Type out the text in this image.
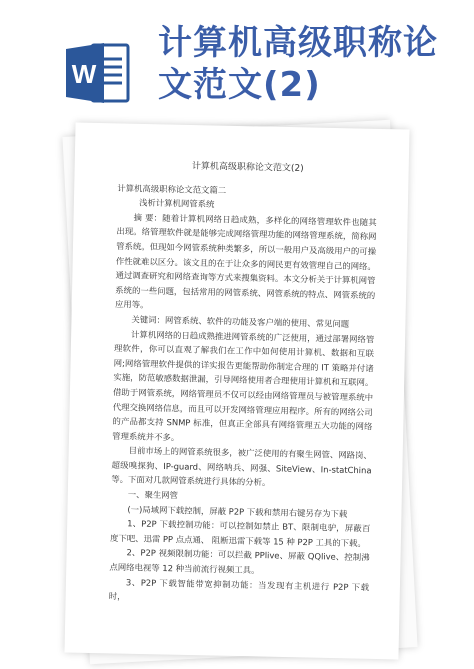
W
计算机高级职称论
文范文(2)
计算机高级职称论文范文(2)

计算机高级职称论文范文篇二

浅析计算机网管系统

摘 要：随着计算机网络日趋成熟，多样化的网络管理软件也随其出现。络管理软件就是能够完成网络管理功能的网络管理系统，简称网管系统。但现如今网管系统种类繁多，所以一般用户及高级用户的可操作性就难以区分。该文且的在于让众多的网民更有效管理自己的网络。通过调查研究和网络查询等方式来搜集资料。本文分析关于计算机网管系统的一些问题，包括常用的网管系统、网管系统的特点、网管系统的应用等。

关键词：网管系统、软件的功能及客户端的使用、常见问题

计算机网络的日趋成熟推进网管系统的广泛使用，通过部署网络管理软件，你可以直观了解我们在工作中如何使用计算机、数据和互联网;网络管理软件提供的详实报告更能帮助你制定合理的 IT 策略并付诸实施，防范敏感数据泄漏，引导网络使用者合理使用计算机和互联网。借助于网管系统，网络管理员不仅可以经由网络管理员与被管理系统中代理交换网络信息，而且可以开发网络管理应用程序。所有的网络公司的产品都支持 SNMP 标准，但真正全部具有网络管理五大功能的网络管理系统并不多。

目前市场上的网管系统很多，被广泛使用的有聚生网管、网路岗、超级嗅探狗、IP-guard、网络呐兵、网强、SiteView、In-statChina等。下面对几款网管系统进行具体的分析。

一、聚生网管

(一)局域网下载控制，屏蔽 P2P 下载和禁用右键另存为下载

1、P2P 下载控制功能：可以控制如禁止 BT、限制电驴，屏蔽百度下吧、迅雷 PP 点点通、 阻断迅雷下载等 15 种 P2P 工具的下载。

2、P2P 视频限制功能：可以拦截 PPlive、屏蔽 QQlive、控制沸点网络电视等 12 种当前流行视频工具。

3、P2P 下载智能带宽抑制功能：当发现有主机进行 P2P 下载时，
